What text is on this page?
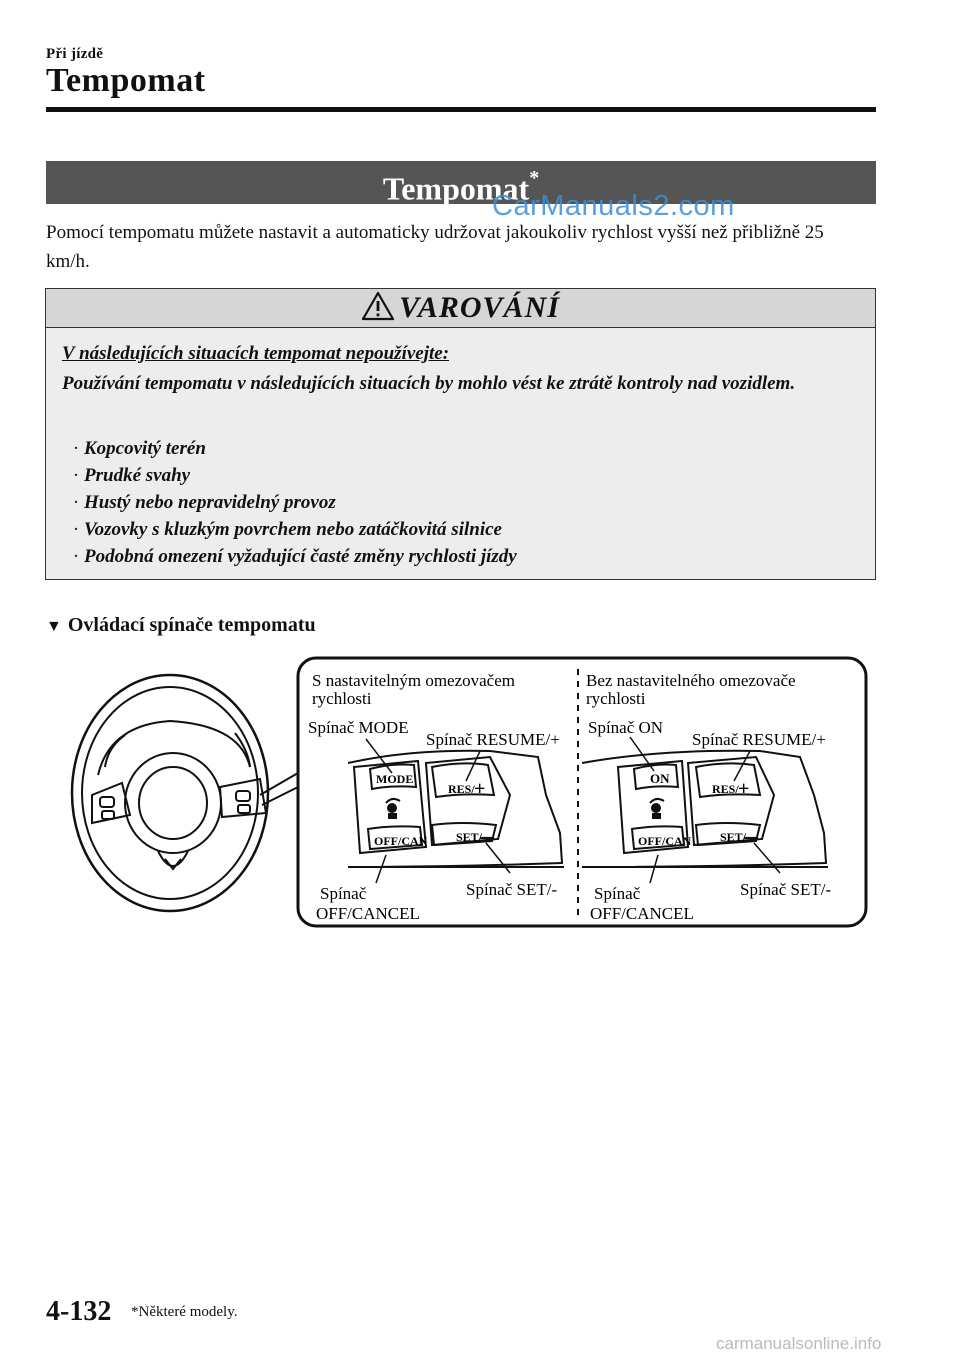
Při jízdě
Tempomat
Tempomat*
CarManuals2.com
Pomocí tempomatu můžete nastavit a automaticky udržovat jakoukoliv rychlost vyšší než přibližně 25 km/h.
VAROVÁNÍ
V následujících situacích tempomat nepoužívejte:
Používání tempomatu v následujících situacích by mohlo vést ke ztrátě kontroly nad vozidlem.
· Kopcovitý terén
· Prudké svahy
· Hustý nebo nepravidelný provoz
· Vozovky s kluzkým povrchem nebo zatáčkovitá silnice
· Podobná omezení vyžadující časté změny rychlosti jízdy
▼ Ovládací spínače tempomatu
S nastavitelným omezovačem
rychlosti
Bez nastavitelného omezovače
rychlosti
Spínač MODE
Spínač RESUME/+
Spínač ON
Spínač RESUME/+
MODE
RES/ +
SET/
OFF/CAN
Spínač
OFF/CANCEL
Spínač SET/-
ON
RES/ +
SET/
OFF/CAN
Spínač
OFF/CANCEL
Spínač SET/-
4-132 *Některé modely.
carmanualsonline.info
